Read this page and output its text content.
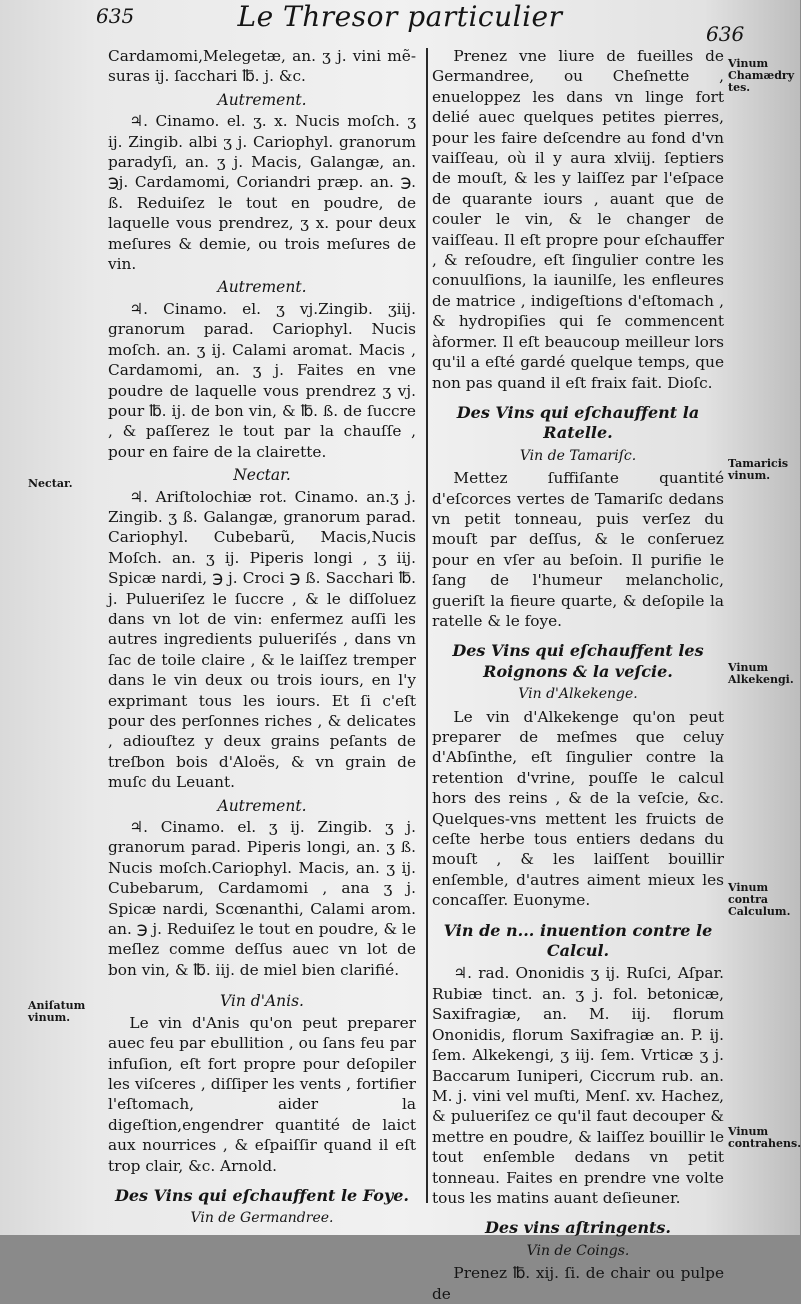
635	Le Thresor particulier
636
Cardamomi,Melegetæ, an. ʒ j. vini mẽ-suras ij. ſacchari ℔. j. &c.
Autrement.
♃. Cinamo. el. ʒ. x. Nucis moſch. ʒ ij. Zingib. albi ʒ j. Cariophyl. granorum paradyſi, an. ʒ j. Macis, Galangæ, an. ℈j. Cardamomi, Coriandri præp. an. ℈. ß. Reduiſez le tout en poudre, de laquelle vous prendrez, ʒ x. pour deux meſures & demie, ou trois meſures de vin.
Autrement.
♃. Cinamo. el. ʒ vj.Zingib. ʒiij. granorum parad. Cariophyl. Nucis moſch. an. ʒ ij. Calami aromat. Macis , Cardamomi, an. ʒ j. Faites en vne poudre de laquelle vous prendrez ʒ vj. pour ℔. ij. de bon vin, & ℔. ß. de ſuccre , & paſſerez le tout par la chauſſe , pour en faire de la clairette.
Nectar.
♃. Ariſtolochiæ rot. Cinamo. an.ʒ j. Zingib. ʒ ß. Galangæ, granorum parad. Cariophyl. Cubebarũ, Macis,Nucis Moſch. an. ʒ ij. Piperis longi , ʒ iij. Spicæ nardi, ℈ j. Croci ℈ ß. Sacchari ℔. j. Pulueriſez le ſuccre , & le diſſoluez dans vn lot de vin: enfermez auſſi les autres ingredients pulueriſés , dans vn ſac de toile claire , & le laiſſez tremper dans le vin deux ou trois iours, en l'y exprimant tous les iours. Et ſi c'eſt pour des perſonnes riches , & delicates , adiouſtez y deux grains peſants de treſbon bois d'Aloës, & vn grain de muſc du Leuant.
Autrement.
♃. Cinamo. el. ʒ ij. Zingib. ʒ j. granorum parad. Piperis longi, an. ʒ ß. Nucis moſch.Cariophyl. Macis, an. ʒ ij. Cubebarum, Cardamomi , ana ʒ j. Spicæ nardi, Scœnanthi, Calami arom. an. ℈ j. Reduiſez le tout en poudre, & le meſlez comme deſſus auec vn lot de bon vin, & ℔. iij. de miel bien clarifié.
Vin d'Anis.
Le vin d'Anis qu'on peut preparer auec feu par ebullition , ou ſans feu par infuſion, eſt fort propre pour deſopiler les viſceres , diſſiper les vents , fortifier l'eſtomach, aider la digeſtion,engendrer quantité de laict aux nourrices , & eſpaiſſir quand il eſt trop clair, &c. Arnold.
Des Vins qui eſchauffent le Foye.
Vin de Germandree.
Prenez vne liure de fueilles de Germandree, ou Cheſnette , enueloppez les dans vn linge fort delié auec quelques petites pierres, pour les faire deſcendre au fond d'vn vaiſſeau, où il y aura xlviij. ſeptiers de mouſt, & les y laiſſez par l'eſpace de quarante iours , auant que de couler le vin, & le changer de vaiſſeau. Il eſt propre pour eſchauffer , & reſoudre, eſt ſingulier contre les conuulſions, la iaunilſe, les enfleures de matrice , indigeſtions d'eſtomach , & hydropiſies qui ſe commencent àformer. Il eſt beaucoup meilleur lors qu'il a eſté gardé quelque temps, que non pas quand il eſt fraix fait. Dioſc.
Des Vins qui eſchauffent la Ratelle.
Vin de Tamariſc.
Mettez ſuffiſante quantité d'eſcorces vertes de Tamariſc dedans vn petit tonneau, puis verſez du mouſt par deſſus, & le conſeruez pour en vſer au beſoin. Il purifie le ſang de l'humeur melancholic, gueriſt la fieure quarte, & deſopile la ratelle & le foye.
Des Vins qui eſchauffent les Roignons & la veſcie.
Vin d'Alkekenge.
Le vin d'Alkekenge qu'on peut preparer de meſmes que celuy d'Abſinthe, eſt ſingulier contre la retention d'vrine, pouſſe le calcul hors des reins , & de la veſcie, &c. Quelques-vns mettent les fruicts de ceſte herbe tous entiers dedans du mouſt , & les laiſſent bouillir enſemble, d'autres aiment mieux les concaſſer. Euonyme.
Vin de n... inuention contre le Calcul.
♃. rad. Ononidis ʒ ij. Ruſci, Aſpar. Rubiæ tinct. an. ʒ j. fol. betonicæ, Saxifragiæ, an. M. iij. florum Ononidis, florum Saxifragiæ an. P. ij. ſem. Alkekengi, ʒ iij. ſem. Vrticæ ʒ j. Baccarum Iuniperi, Ciccrum rub. an. M. j. vini vel muſti, Menſ. xv. Hachez, & pulueriſez ce qu'il faut decouper & mettre en poudre, & laiſſez bouillir le tout enſemble dedans vn petit tonneau. Faites en prendre vne volte tous les matins auant deſieuner.
Des vins aſtringents.
Vin de Coings.
Prenez ℔. xij. ſi. de chair ou pulpe de
Nectar.
Aniſatum vinum.
Vinum Chamædry tes.
Tamaricis vinum.
Vinum Alkekengi.
Vinum contra Calculum.
Vinum contrahens.
